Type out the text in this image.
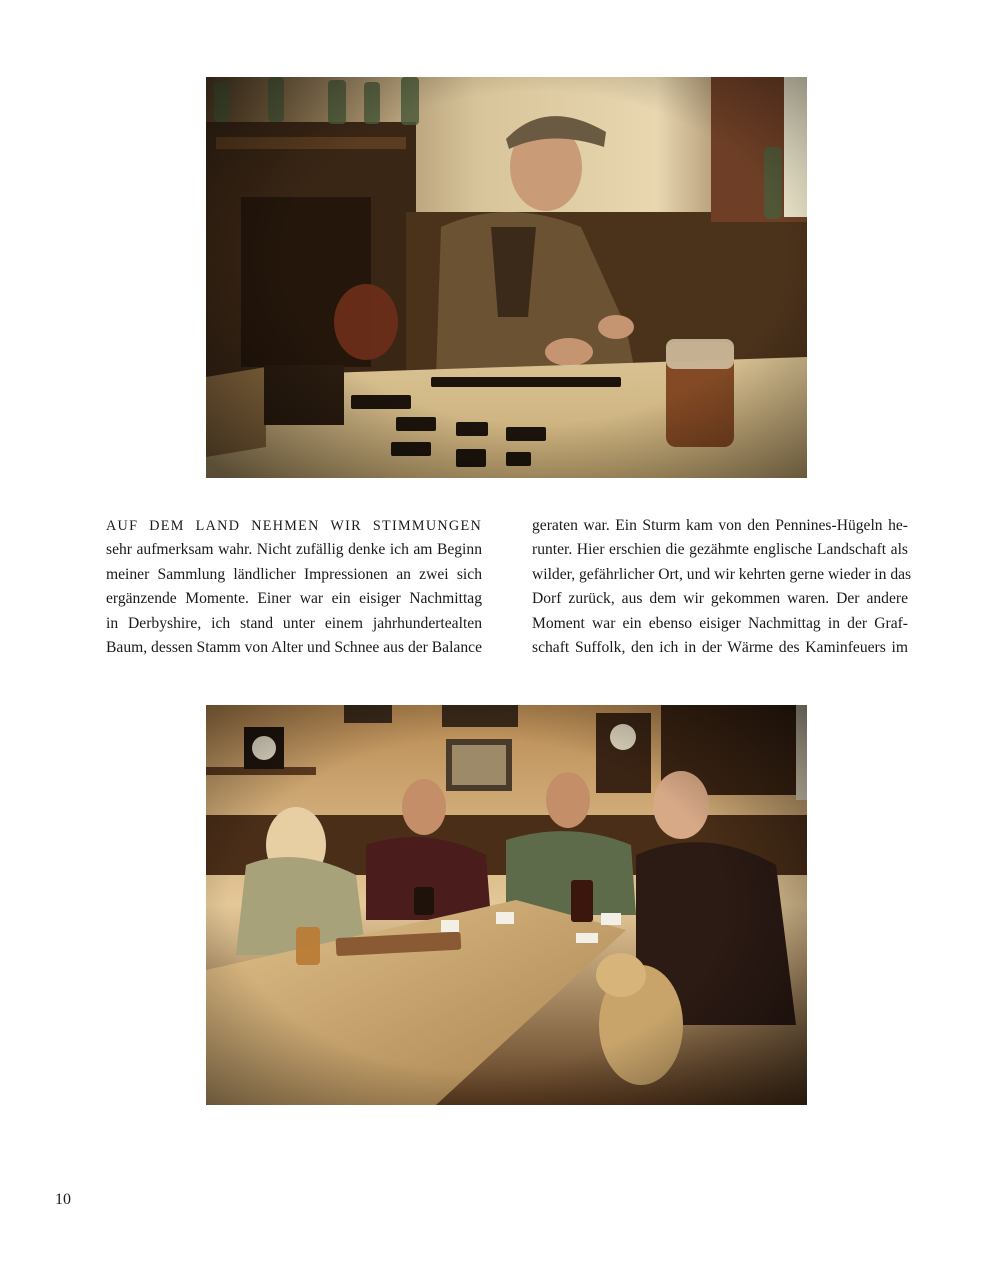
AUF DEM LAND NEHMEN WIR STIMMUNGEN
sehr aufmerksam wahr. Nicht zufällig denke ich am Beginn
meiner Sammlung ländlicher Impressionen an zwei sich
ergänzende Momente. Einer war ein eisiger Nachmittag
in Derbyshire, ich stand unter einem jahrhundertealten
Baum, dessen Stamm von Alter und Schnee aus der Balance
geraten war. Ein Sturm kam von den Pennines-Hügeln he-
runter. Hier erschien die gezähmte englische Landschaft als
wilder, gefährlicher Ort, und wir kehrten gerne wieder in das
Dorf zurück, aus dem wir gekommen waren. Der andere
Moment war ein ebenso eisiger Nachmittag in der Graf-
schaft Suffolk, den ich in der Wärme des Kaminfeuers im
10
